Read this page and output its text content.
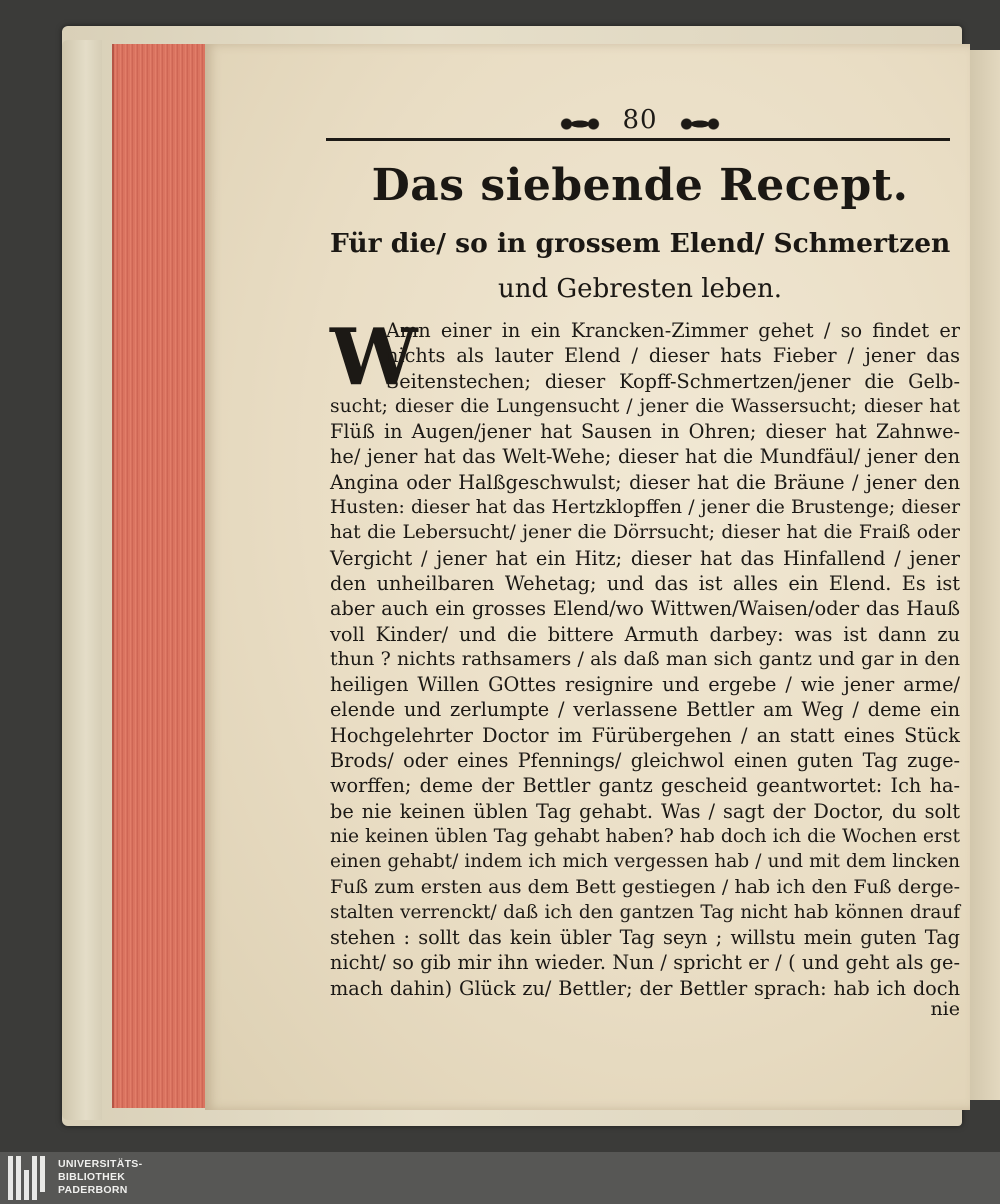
80
Das siebende Recept.
Für die/ so in grossem Elend/ Schmertzen
und Gebresten leben.
W
Amn einer in ein Krancken-Zimmer gehet / so findet er
nichts als lauter Elend / dieser hats Fieber / jener das
Seitenstechen; dieser Kopff-Schmertzen/jener die Gelb-
sucht; dieser die Lungensucht / jener die Wassersucht; dieser hat
Flüß in Augen/jener hat Sausen in Ohren; dieser hat Zahnwe-
he/ jener hat das Welt-Wehe; dieser hat die Mundfäul/ jener den
Angina oder Halßgeschwulst; dieser hat die Bräune / jener den
Husten: dieser hat das Hertzklopffen / jener die Brustenge; dieser
hat die Lebersucht/ jener die Dörrsucht; dieser hat die Fraiß oder
Vergicht / jener hat ein Hitz; dieser hat das Hinfallend / jener
den unheilbaren Wehetag; und das ist alles ein Elend. Es ist
aber auch ein grosses Elend/wo Wittwen/Waisen/oder das Hauß
voll Kinder/ und die bittere Armuth darbey: was ist dann zu
thun ? nichts rathsamers / als daß man sich gantz und gar in den
heiligen Willen GOttes resignire und ergebe / wie jener arme/
elende und zerlumpte / verlassene Bettler am Weg / deme ein
Hochgelehrter Doctor im Fürübergehen / an statt eines Stück
Brods/ oder eines Pfennings/ gleichwol einen guten Tag zuge-
worffen; deme der Bettler gantz gescheid geantwortet: Ich ha-
be nie keinen üblen Tag gehabt. Was / sagt der Doctor, du solt
nie keinen üblen Tag gehabt haben? hab doch ich die Wochen erst
einen gehabt/ indem ich mich vergessen hab / und mit dem lincken
Fuß zum ersten aus dem Bett gestiegen / hab ich den Fuß derge-
stalten verrenckt/ daß ich den gantzen Tag nicht hab können drauf
stehen : sollt das kein übler Tag seyn ; willstu mein guten Tag
nicht/ so gib mir ihn wieder. Nun / spricht er / ( und geht als ge-
mach dahin) Glück zu/ Bettler; der Bettler sprach: hab ich doch
nie
UNIVERSITÄTS-
BIBLIOTHEK
PADERBORN
